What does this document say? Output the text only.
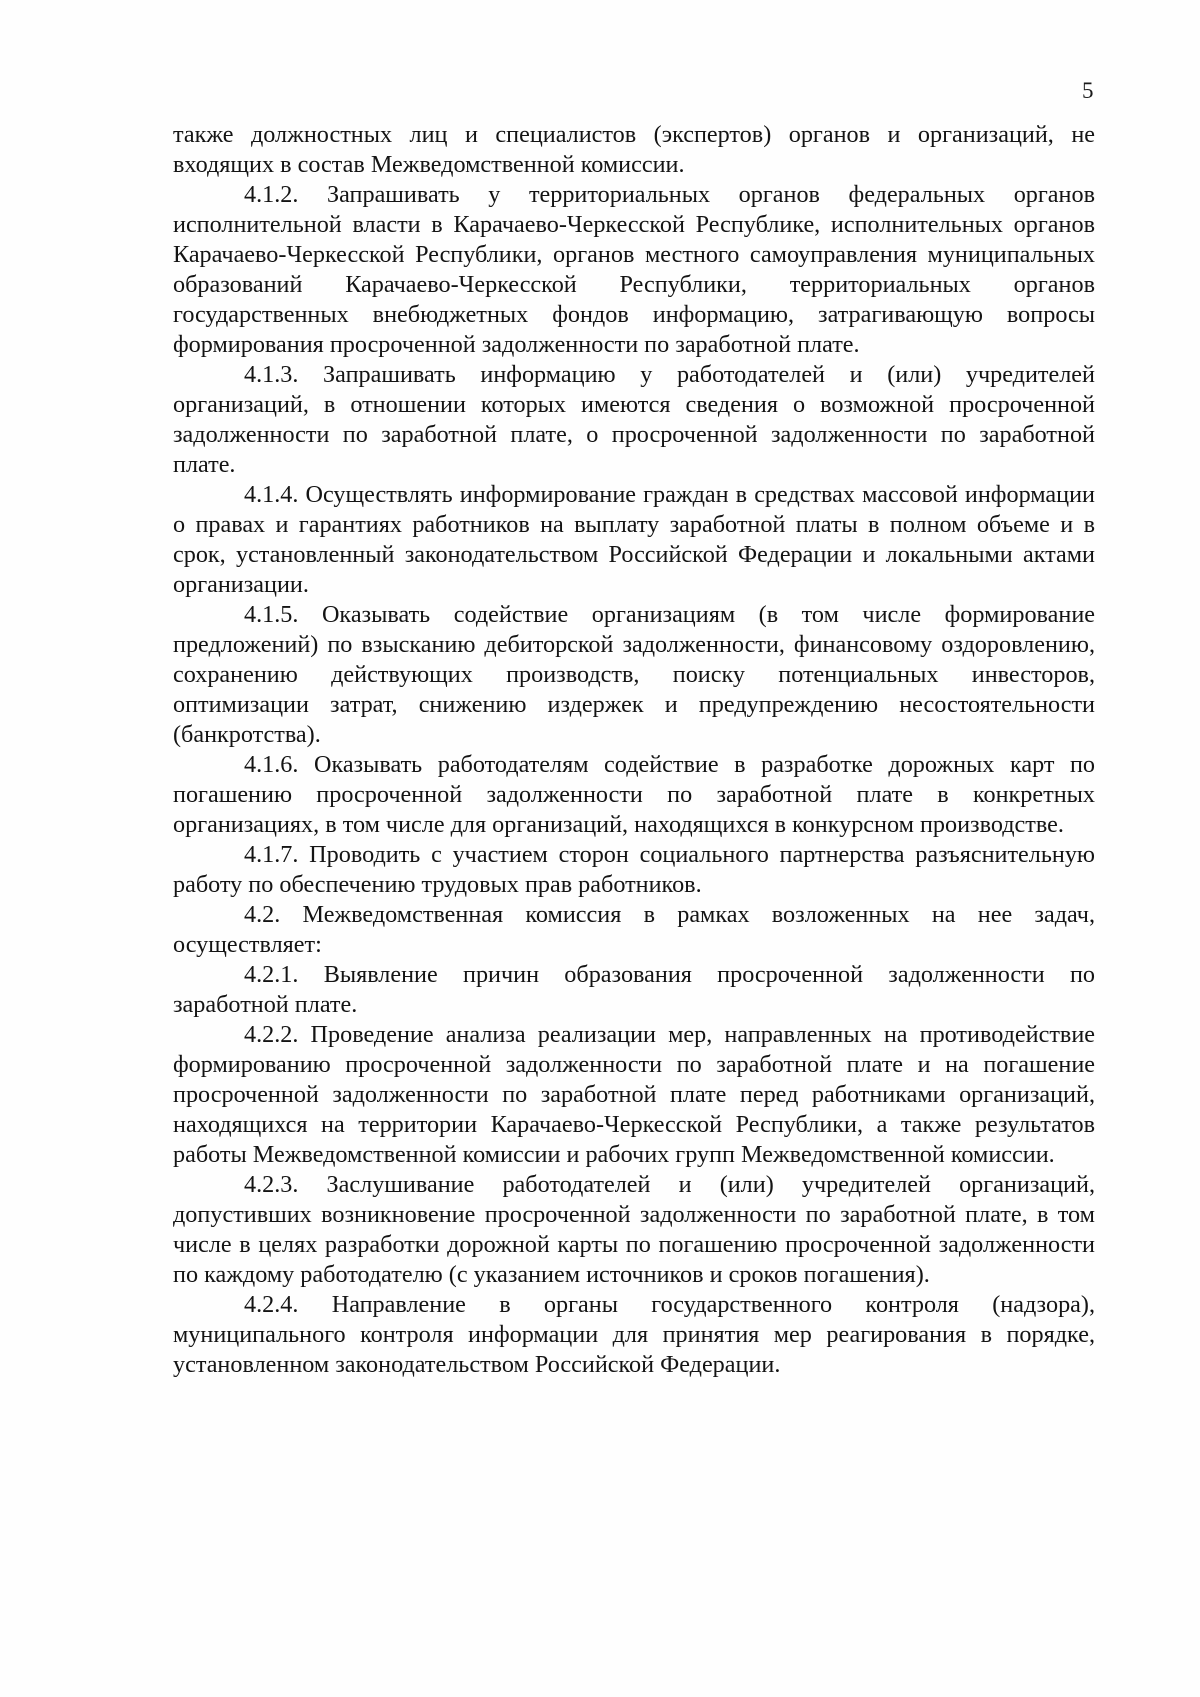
5

также должностных лиц и специалистов (экспертов) органов и организаций, не входящих в состав Межведомственной комиссии.

4.1.2. Запрашивать у территориальных органов федеральных органов исполнительной власти в Карачаево-Черкесской Республике, исполнительных органов Карачаево-Черкесской Республики, органов местного самоуправления муниципальных образований Карачаево-Черкесской Республики, территориальных органов государственных внебюджетных фондов информацию, затрагивающую вопросы формирования просроченной задолженности по заработной плате.

4.1.3. Запрашивать информацию у работодателей и (или) учредителей организаций, в отношении которых имеются сведения о возможной просроченной задолженности по заработной плате, о просроченной задолженности по заработной плате.

4.1.4. Осуществлять информирование граждан в средствах массовой информации о правах и гарантиях работников на выплату заработной платы в полном объеме и в срок, установленный законодательством Российской Федерации и локальными актами организации.

4.1.5. Оказывать содействие организациям (в том числе формирование предложений) по взысканию дебиторской задолженности, финансовому оздоровлению, сохранению действующих производств, поиску потенциальных инвесторов, оптимизации затрат, снижению издержек и предупреждению несостоятельности (банкротства).

4.1.6. Оказывать работодателям содействие в разработке дорожных карт по погашению просроченной задолженности по заработной плате в конкретных организациях, в том числе для организаций, находящихся в конкурсном производстве.

4.1.7. Проводить с участием сторон социального партнерства разъяснительную работу по обеспечению трудовых прав работников.

4.2. Межведомственная комиссия в рамках возложенных на нее задач, осуществляет:

4.2.1. Выявление причин образования просроченной задолженности по заработной плате.

4.2.2. Проведение анализа реализации мер, направленных на противодействие формированию просроченной задолженности по заработной плате и на погашение просроченной задолженности по заработной плате перед работниками организаций, находящихся на территории Карачаево-Черкесской Республики, а также результатов работы Межведомственной комиссии и рабочих групп Межведомственной комиссии.

4.2.3. Заслушивание работодателей и (или) учредителей организаций, допустивших возникновение просроченной задолженности по заработной плате, в том числе в целях разработки дорожной карты по погашению просроченной задолженности по каждому работодателю (с указанием источников и сроков погашения).

4.2.4. Направление в органы государственного контроля (надзора), муниципального контроля информации для принятия мер реагирования в порядке, установленном законодательством Российской Федерации.
